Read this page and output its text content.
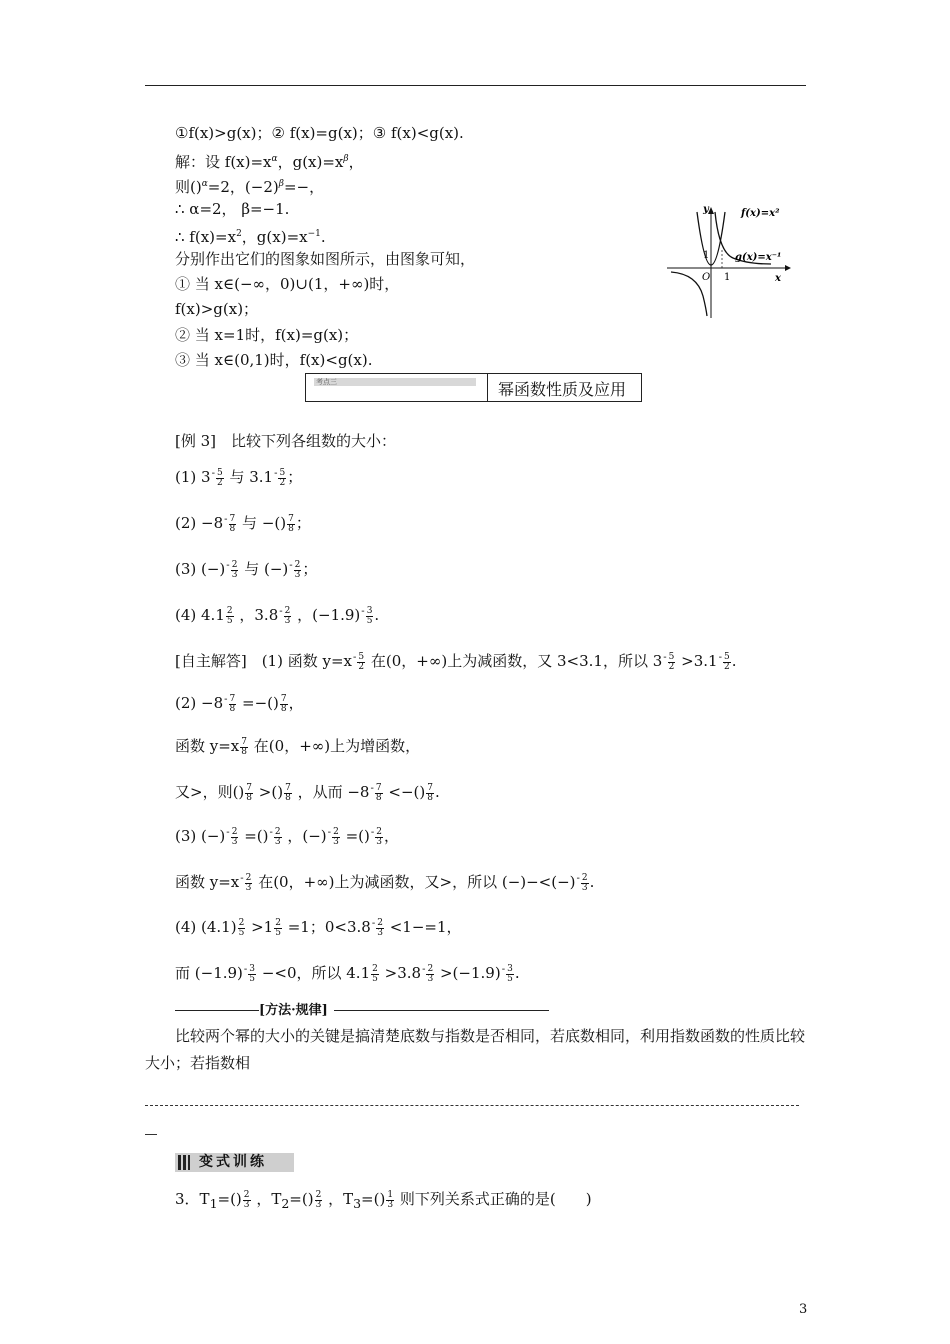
①f(x)>g(x)；② f(x)=g(x)；③ f(x)<g(x).
解：设 $f(x)=x^\alpha$，$g(x)=x^\beta$，
则()$^\alpha$=2，$(-2)^\beta=-$，
∴ α=2， β=−1.
∴ $f(x)=x^2$，$g(x)=x^{-1}$.
分别作出它们的图象如图所示，由图象可知，
① 当 x∈(−∞，0)∪(1，+∞)时，
f(x)>g(x)；
② 当 x=1时，f(x)=g(x)；
③ 当 x∈(0,1)时，f(x)<g(x).
y
x
O 1
1
f(x)=x²
g(x)=x⁻¹
考点三	幂函数性质及应用
[例 3]　比较下列各组数的大小：
(1) $3^- \frac{5}{2}$ 与 $3.1^- \frac{5}{2}$ ；
$(2) -8^- \frac{7}{8}$ 与 −() $\frac{7}{8}$ ；
(3) $(-)^- \frac{2}{3}$ 与 $(-)^- \frac{2}{3}$ ；
(4) $4.1 \frac{2}{5}$ ，$3.8^- \frac{2}{3}$ ，$(-1.9)^- \frac{3}{5}$ .
[自主解答]　(1) 函数 $y=x^- \frac{5}{2}$ 在(0，+∞)上为减函数，又 3<3.1，所以 $3^- \frac{5}{2} >3.1^- \frac{5}{2}$ .
$(2) -8^- \frac{7}{8}$ =−() $\frac{7}{8}$ ，
函数 $y=x \frac{7}{8}$ 在(0，+∞)上为增函数，
又>，则() $\frac{7}{8}$ >() $\frac{7}{8}$ ，从而 $-8^- \frac{7}{8}$ <−() $\frac{7}{8}$ .
(3) $(-)^- \frac{2}{3} =()^- \frac{2}{3}$ ，$(-)^- \frac{2}{3} =()^- \frac{2}{3}$ ，
函数 $y=x^- \frac{2}{3}$ 在(0，+∞)上为减函数，又>，所以 $(-)-<(-)^- \frac{2}{3}$ .
(4) $(4.1) \frac{2}{5} >1 \frac{2}{5} =1$；$0<3.8^- \frac{2}{3} <1-=1$，
而 $(-1.9)^- \frac{3}{5} -<0$，所以 $4.1 \frac{2}{5} >3.8^- \frac{2}{3} >(-1.9)^- \frac{3}{5}$ .
[方法·规律]
比较两个幂的大小的关键是搞清楚底数与指数是否相同，若底数相同，利用指数函数的性质比较大小；若指数相
变式训练
3．$T_1=() \frac{2}{3}$ ，$T_2=() \frac{2}{3}$ ，$T_3=() \frac{1}{3}$ 则下列关系式正确的是(　　)
3
